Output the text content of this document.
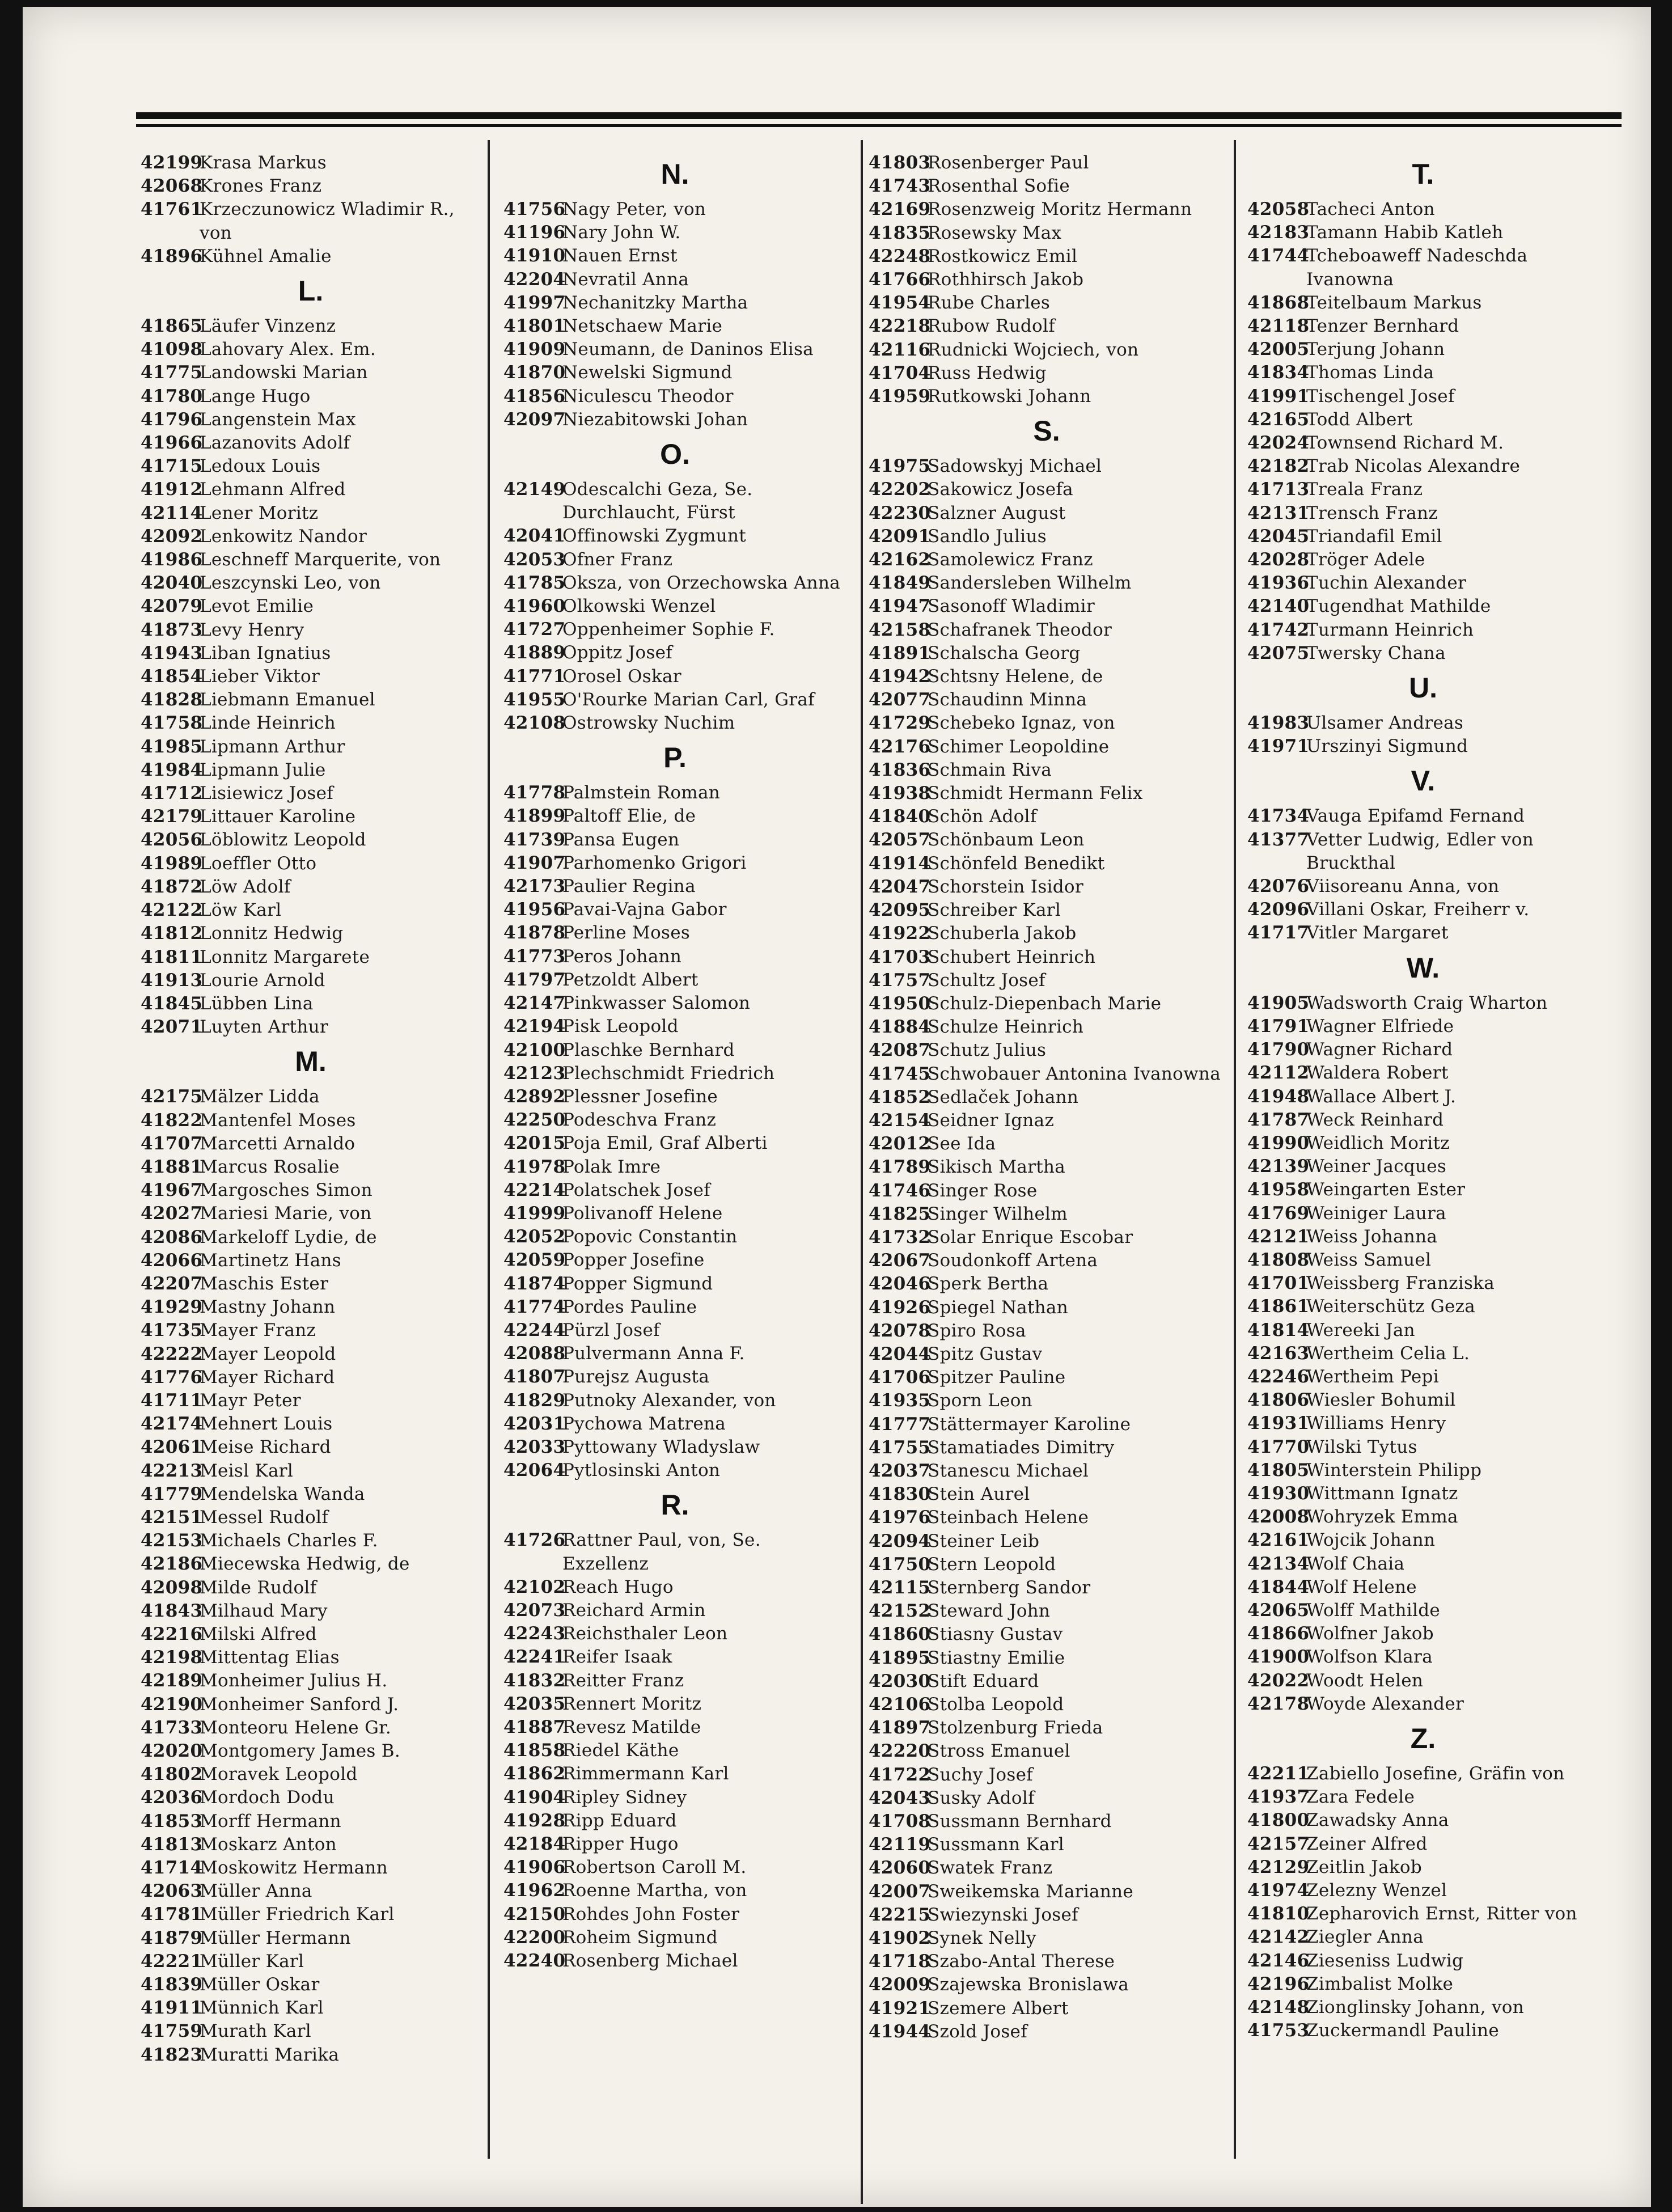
42199
Krasa Markus
42068
Krones Franz
41761
Krzeczunowicz Wladimir R., von
41896
Kühnel Amalie
L.
41865
Läufer Vinzenz
41098
Lahovary Alex. Em.
41775
Landowski Marian
41780
Lange Hugo
41796
Langenstein Max
41966
Lazanovits Adolf
41715
Ledoux Louis
41912
Lehmann Alfred
42114
Lener Moritz
42092
Lenkowitz Nandor
41986
Leschneff Marquerite, von
42040
Leszcynski Leo, von
42079
Levot Emilie
41873
Levy Henry
41943
Liban Ignatius
41854
Lieber Viktor
41828
Liebmann Emanuel
41758
Linde Heinrich
41985
Lipmann Arthur
41984
Lipmann Julie
41712
Lisiewicz Josef
42179
Littauer Karoline
42056
Löblowitz Leopold
41989
Loeffler Otto
41872
Löw Adolf
42122
Löw Karl
41812
Lonnitz Hedwig
41811
Lonnitz Margarete
41913
Lourie Arnold
41845
Lübben Lina
42071
Luyten Arthur
M.
42175
Mälzer Lidda
41822
Mantenfel Moses
41707
Marcetti Arnaldo
41881
Marcus Rosalie
41967
Margosches Simon
42027
Mariesi Marie, von
42086
Markeloff Lydie, de
42066
Martinetz Hans
42207
Maschis Ester
41929
Mastny Johann
41735
Mayer Franz
42222
Mayer Leopold
41776
Mayer Richard
41711
Mayr Peter
42174
Mehnert Louis
42061
Meise Richard
42213
Meisl Karl
41779
Mendelska Wanda
42151
Messel Rudolf
42153
Michaels Charles F.
42186
Miecewska Hedwig, de
42098
Milde Rudolf
41843
Milhaud Mary
42216
Milski Alfred
42198
Mittentag Elias
42189
Monheimer Julius H.
42190
Monheimer Sanford J.
41733
Monteoru Helene Gr.
42020
Montgomery James B.
41802
Moravek Leopold
42036
Mordoch Dodu
41853
Morff Hermann
41813
Moskarz Anton
41714
Moskowitz Hermann
42063
Müller Anna
41781
Müller Friedrich Karl
41879
Müller Hermann
42221
Müller Karl
41839
Müller Oskar
41911
Münnich Karl
41759
Murath Karl
41823
Muratti Marika
N.
41756
Nagy Peter, von
41196
Nary John W.
41910
Nauen Ernst
42204
Nevratil Anna
41997
Nechanitzky Martha
41801
Netschaew Marie
41909
Neumann, de Daninos Elisa
41870
Newelski Sigmund
41856
Niculescu Theodor
42097
Niezabitowski Johan
O.
42149
Odescalchi Geza, Se. Durchlaucht, Fürst
42041
Offinowski Zygmunt
42053
Ofner Franz
41785
Oksza, von Orzechowska Anna
41960
Olkowski Wenzel
41727
Oppenheimer Sophie F.
41889
Oppitz Josef
41771
Orosel Oskar
41955
O'Rourke Marian Carl, Graf
42108
Ostrowsky Nuchim
P.
41778
Palmstein Roman
41899
Paltoff Elie, de
41739
Pansa Eugen
41907
Parhomenko Grigori
42173
Paulier Regina
41956
Pavai-Vajna Gabor
41878
Perline Moses
41773
Peros Johann
41797
Petzoldt Albert
42147
Pinkwasser Salomon
42194
Pisk Leopold
42100
Plaschke Bernhard
42123
Plechschmidt Friedrich
42892
Plessner Josefine
42250
Podeschva Franz
42015
Poja Emil, Graf Alberti
41978
Polak Imre
42214
Polatschek Josef
41999
Polivanoff Helene
42052
Popovic Constantin
42059
Popper Josefine
41874
Popper Sigmund
41774
Pordes Pauline
42244
Pürzl Josef
42088
Pulvermann Anna F.
41807
Purejsz Augusta
41829
Putnoky Alexander, von
42031
Pychowa Matrena
42033
Pyttowany Wladyslaw
42064
Pytlosinski Anton
R.
41726
Rattner Paul, von, Se. Exzellenz
42102
Reach Hugo
42073
Reichard Armin
42243
Reichsthaler Leon
42241
Reifer Isaak
41832
Reitter Franz
42035
Rennert Moritz
41887
Revesz Matilde
41858
Riedel Käthe
41862
Rimmermann Karl
41904
Ripley Sidney
41928
Ripp Eduard
42184
Ripper Hugo
41906
Robertson Caroll M.
41962
Roenne Martha, von
42150
Rohdes John Foster
42200
Roheim Sigmund
42240
Rosenberg Michael
41803
Rosenberger Paul
41743
Rosenthal Sofie
42169
Rosenzweig Moritz Hermann
41835
Rosewsky Max
42248
Rostkowicz Emil
41766
Rothhirsch Jakob
41954
Rube Charles
42218
Rubow Rudolf
42116
Rudnicki Wojciech, von
41704
Russ Hedwig
41959
Rutkowski Johann
S.
41975
Sadowskyj Michael
42202
Sakowicz Josefa
42230
Salzner August
42091
Sandlo Julius
42162
Samolewicz Franz
41849
Sandersleben Wilhelm
41947
Sasonoff Wladimir
42158
Schafranek Theodor
41891
Schalscha Georg
41942
Schtsny Helene, de
42077
Schaudinn Minna
41729
Schebeko Ignaz, von
42176
Schimer Leopoldine
41836
Schmain Riva
41938
Schmidt Hermann Felix
41840
Schön Adolf
42057
Schönbaum Leon
41914
Schönfeld Benedikt
42047
Schorstein Isidor
42095
Schreiber Karl
41922
Schuberla Jakob
41703
Schubert Heinrich
41757
Schultz Josef
41950
Schulz-Diepenbach Marie
41884
Schulze Heinrich
42087
Schutz Julius
41745
Schwobauer Antonina Ivanowna
41852
Sedlaček Johann
42154
Seidner Ignaz
42012
See Ida
41789
Sikisch Martha
41746
Singer Rose
41825
Singer Wilhelm
41732
Solar Enrique Escobar
42067
Soudonkoff Artena
42046
Sperk Bertha
41926
Spiegel Nathan
42078
Spiro Rosa
42044
Spitz Gustav
41706
Spitzer Pauline
41935
Sporn Leon
41777
Stättermayer Karoline
41755
Stamatiades Dimitry
42037
Stanescu Michael
41830
Stein Aurel
41976
Steinbach Helene
42094
Steiner Leib
41750
Stern Leopold
42115
Sternberg Sandor
42152
Steward John
41860
Stiasny Gustav
41895
Stiastny Emilie
42030
Stift Eduard
42106
Stolba Leopold
41897
Stolzenburg Frieda
42220
Stross Emanuel
41722
Suchy Josef
42043
Susky Adolf
41708
Sussmann Bernhard
42119
Sussmann Karl
42060
Swatek Franz
42007
Sweikemska Marianne
42215
Swiezynski Josef
41902
Synek Nelly
41718
Szabo-Antal Therese
42009
Szajewska Bronislawa
41921
Szemere Albert
41944
Szold Josef
T.
42058
Tacheci Anton
42183
Tamann Habib Katleh
41744
Tcheboaweff Nadeschda Ivanowna
41868
Teitelbaum Markus
42118
Tenzer Bernhard
42005
Terjung Johann
41834
Thomas Linda
41991
Tischengel Josef
42165
Todd Albert
42024
Townsend Richard M.
42182
Trab Nicolas Alexandre
41713
Treala Franz
42131
Trensch Franz
42045
Triandafil Emil
42028
Tröger Adele
41936
Tuchin Alexander
42140
Tugendhat Mathilde
41742
Turmann Heinrich
42075
Twersky Chana
U.
41983
Ulsamer Andreas
41971
Urszinyi Sigmund
V.
41734
Vauga Epifamd Fernand
41377
Vetter Ludwig, Edler von Bruckthal
42076
Viisoreanu Anna, von
42096
Villani Oskar, Freiherr v.
41717
Vitler Margaret
W.
41905
Wadsworth Craig Wharton
41791
Wagner Elfriede
41790
Wagner Richard
42112
Waldera Robert
41948
Wallace Albert J.
41787
Weck Reinhard
41990
Weidlich Moritz
42139
Weiner Jacques
41958
Weingarten Ester
41769
Weiniger Laura
42121
Weiss Johanna
41808
Weiss Samuel
41701
Weissberg Franziska
41861
Weiterschütz Geza
41814
Wereeki Jan
42163
Wertheim Celia L.
42246
Wertheim Pepi
41806
Wiesler Bohumil
41931
Williams Henry
41770
Wilski Tytus
41805
Winterstein Philipp
41930
Wittmann Ignatz
42008
Wohryzek Emma
42161
Wojcik Johann
42134
Wolf Chaia
41844
Wolf Helene
42065
Wolff Mathilde
41866
Wolfner Jakob
41900
Wolfson Klara
42022
Woodt Helen
42178
Woyde Alexander
Z.
42211
Zabiello Josefine, Gräfin von
41937
Zara Fedele
41800
Zawadsky Anna
42157
Zeiner Alfred
42129
Zeitlin Jakob
41974
Zelezny Wenzel
41810
Zepharovich Ernst, Ritter von
42142
Ziegler Anna
42146
Zieseniss Ludwig
42196
Zimbalist Molke
42148
Zionglinsky Johann, von
41753
Zuckermandl Pauline
